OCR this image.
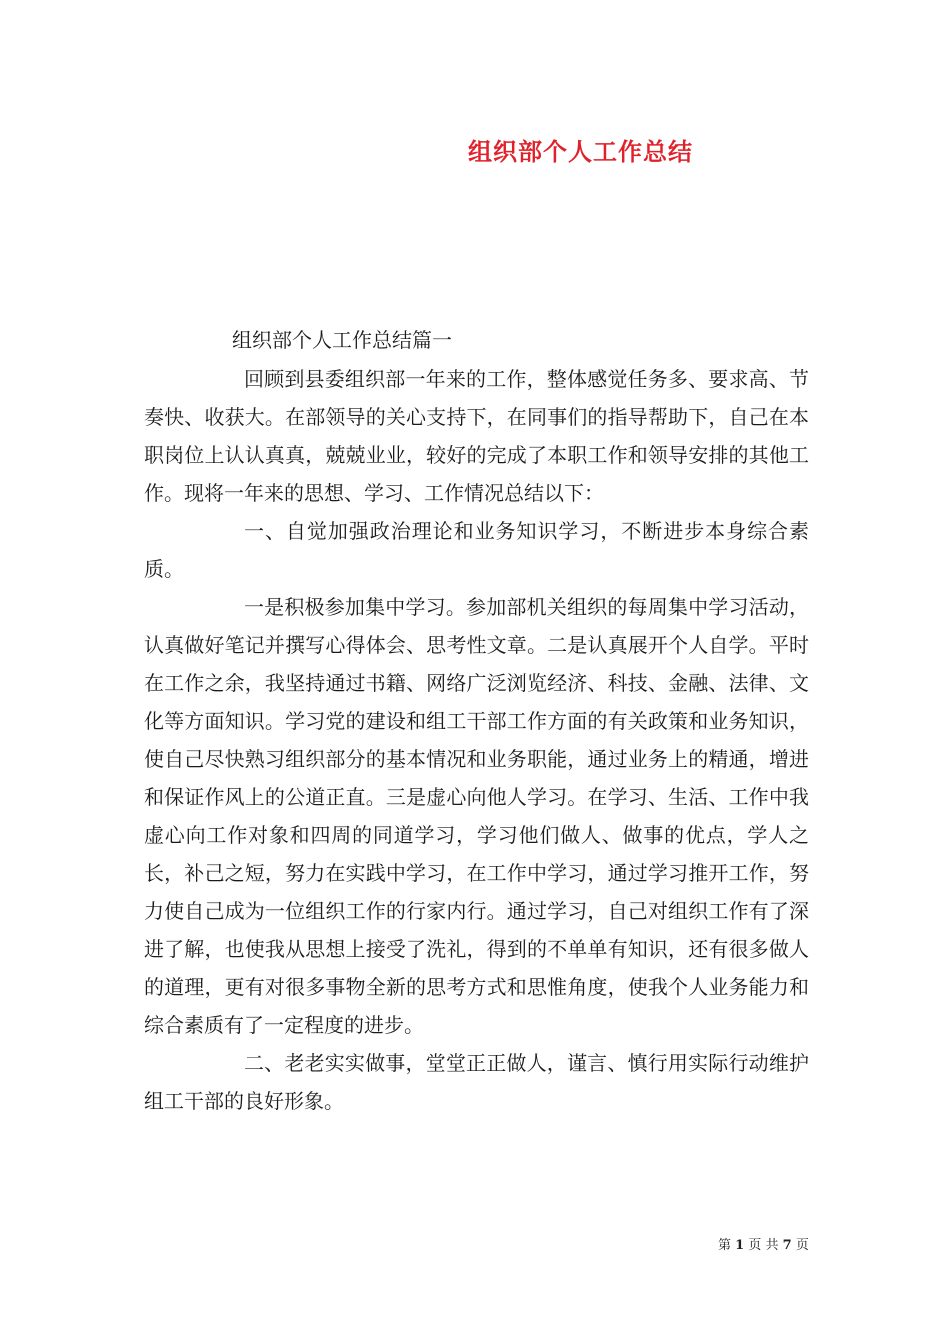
组织部个人工作总结
组织部个人工作总结篇一

回顾到县委组织部一年来的工作，整体感觉任务多、要求高、节奏快、收获大。在部领导的关心支持下，在同事们的指导帮助下，自己在本职岗位上认认真真，兢兢业业，较好的完成了本职工作和领导安排的其他工作。现将一年来的思想、学习、工作情况总结以下：

一、自觉加强政治理论和业务知识学习，不断进步本身综合素质。

一是积极参加集中学习。参加部机关组织的每周集中学习活动，认真做好笔记并撰写心得体会、思考性文章。二是认真展开个人自学。平时在工作之余，我坚持通过书籍、网络广泛浏览经济、科技、金融、法律、文化等方面知识。学习党的建设和组工干部工作方面的有关政策和业务知识，使自己尽快熟习组织部分的基本情况和业务职能，通过业务上的精通，增进和保证作风上的公道正直。三是虚心向他人学习。在学习、生活、工作中我虚心向工作对象和四周的同道学习，学习他们做人、做事的优点，学人之长，补己之短，努力在实践中学习，在工作中学习，通过学习推开工作，努力使自己成为一位组织工作的行家内行。通过学习，自己对组织工作有了深进了解，也使我从思想上接受了洗礼，得到的不单单有知识，还有很多做人的道理，更有对很多事物全新的思考方式和思惟角度，使我个人业务能力和综合素质有了一定程度的进步。

二、老老实实做事，堂堂正正做人，谨言、慎行用实际行动维护组工干部的良好形象。

第 1 页 共 7 页
